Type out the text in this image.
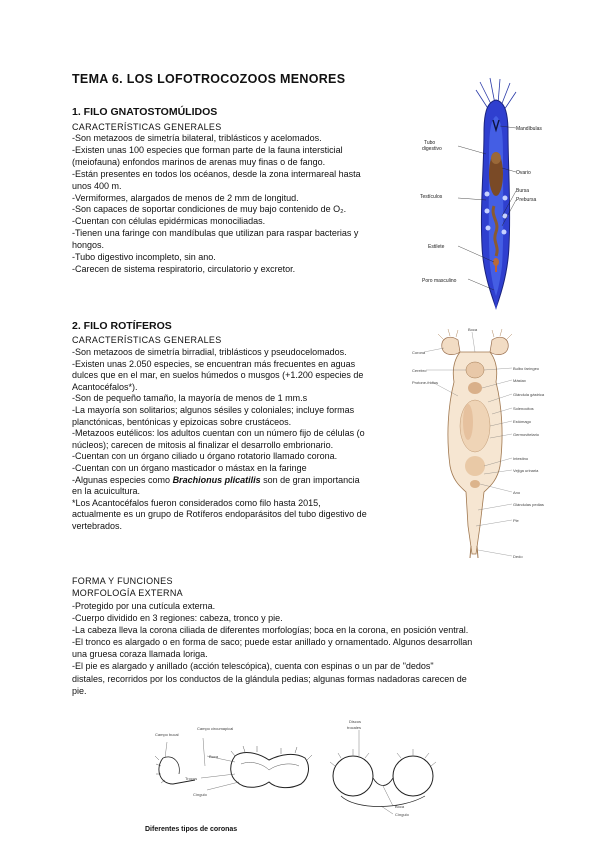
TEMA 6. LOS LOFOTROCOZOOS MENORES
1. FILO GNATOSTOMÚLIDOS
CARACTERÍSTICAS GENERALES
-Son metazoos de simetría bilateral, triblásticos y acelomados.
-Existen unas 100 especies que forman parte de la fauna intersticial
(meiofauna) enfondos marinos de arenas muy finas o de fango.
-Están presentes en todos los océanos, desde la zona intermareal hasta
unos 400 m.
-Vermiformes, alargados de menos de 2 mm de longitud.
-Son capaces de soportar condiciones de muy bajo contenido de O₂.
-Cuentan con células epidérmicas monociliadas.
-Tienen una faringe con mandíbulas que utilizan para raspar bacterias y
hongos.
-Tubo digestivo incompleto, sin ano.
-Carecen de sistema respiratorio, circulatorio y excretor.
Mandíbulas
Tubo
digestivo
Ovario
Testículos
Bursa
Prebursa
Estilete
Poro masculino
2. FILO ROTÍFEROS
CARACTERÍSTICAS GENERALES
-Son metazoos de simetría birradial, triblásticos y pseudocelomados.
-Existen unas 2.050 especies, se encuentran más frecuentes en aguas
dulces que en el mar, en suelos húmedos o musgos (+1.200 especies de
Acantocéfalos*).
-Son de pequeño tamaño, la mayoría de menos de 1 mm.s
-La mayoría son solitarios; algunos sésiles y coloniales; incluye formas
planctónicas, bentónicas y epizoicas sobre crustáceos.
-Metazoos eutélicos: los adultos cuentan con un número fijo de células (o
núcleos); carecen de mitosis al finalizar el desarrollo embrionario.
-Cuentan con un órgano ciliado u órgano rotatorio llamado corona.
-Cuentan con un órgano masticador o mástax en la faringe
-Algunas especies como Brachionus plicatilis son de gran importancia
en la acuicultura.
*Los Acantocéfalos fueron considerados como filo hasta 2015,
actualmente es un grupo de Rotíferos endoparásitos del tubo digestivo de
vertebrados.
Boca
Corona
Cerebro
Protone-fridios
Bulbo faríngeo
Mástax
Glándula gástrica
Solenocitos
Estómago
Germovitelario
Intestino
Vejiga urinaria
Ano
Glándulas pedias
Pie
Dedo
FORMA Y FUNCIONES
MORFOLOGÍA EXTERNA
-Protegido por una cutícula externa.
-Cuerpo dividido en 3 regiones: cabeza, tronco y pie.
-La cabeza lleva la corona ciliada de diferentes morfologías; boca en la corona, en posición ventral.
-El tronco es alargado o en forma de saco; puede estar anillado y ornamentado. Algunos desarrollan
una gruesa coraza llamada loriga.
-El pie es alargado y anillado (acción telescópica), cuenta con espinas o un par de "dedos"
distales, recorridos por los conductos de la glándula pedias; algunas formas nadadoras carecen de
pie.
Campo bucal
Campo circumapical
Boca
Trocus
Cíngulo
Discos
trocales
Boca
Cíngulo
Diferentes tipos de coronas
